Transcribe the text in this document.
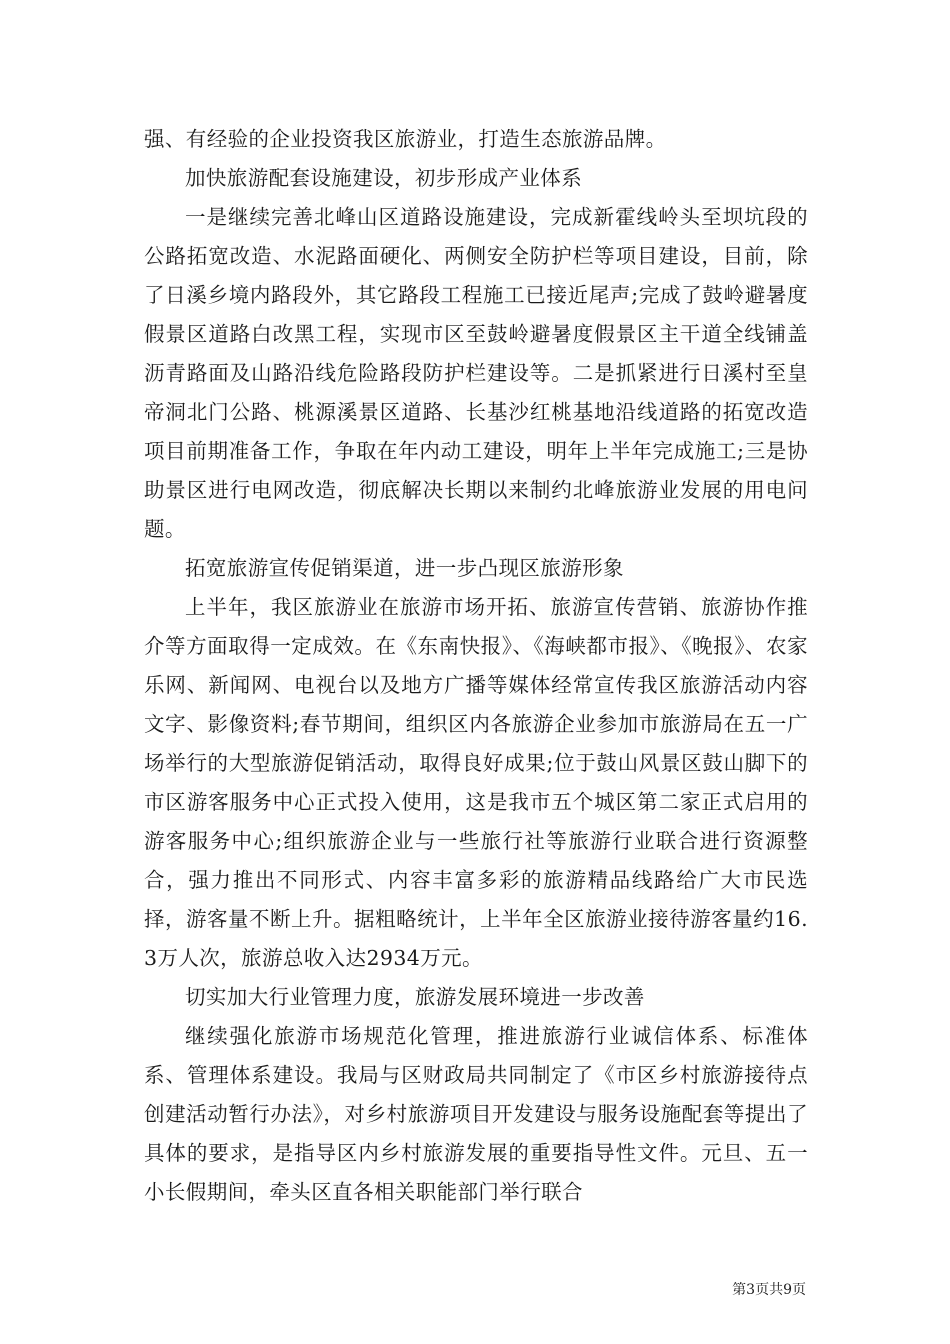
强、有经验的企业投资我区旅游业，打造生态旅游品牌。

加快旅游配套设施建设，初步形成产业体系

一是继续完善北峰山区道路设施建设，完成新霍线岭头至坝坑段的公路拓宽改造、水泥路面硬化、两侧安全防护栏等项目建设，目前，除了日溪乡境内路段外，其它路段工程施工已接近尾声;完成了鼓岭避暑度假景区道路白改黑工程，实现市区至鼓岭避暑度假景区主干道全线铺盖沥青路面及山路沿线危险路段防护栏建设等。二是抓紧进行日溪村至皇帝洞北门公路、桃源溪景区道路、长基沙红桃基地沿线道路的拓宽改造项目前期准备工作，争取在年内动工建设，明年上半年完成施工;三是协助景区进行电网改造，彻底解决长期以来制约北峰旅游业发展的用电问题。

拓宽旅游宣传促销渠道，进一步凸现区旅游形象

上半年，我区旅游业在旅游市场开拓、旅游宣传营销、旅游协作推介等方面取得一定成效。在《东南快报》、《海峡都市报》、《晚报》、农家乐网、新闻网、电视台以及地方广播等媒体经常宣传我区旅游活动内容文字、影像资料;春节期间，组织区内各旅游企业参加市旅游局在五一广场举行的大型旅游促销活动，取得良好成果;位于鼓山风景区鼓山脚下的市区游客服务中心正式投入使用，这是我市五个城区第二家正式启用的游客服务中心;组织旅游企业与一些旅行社等旅游行业联合进行资源整合，强力推出不同形式、内容丰富多彩的旅游精品线路给广大市民选择，游客量不断上升。据粗略统计，上半年全区旅游业接待游客量约16.3万人次，旅游总收入达2934万元。

切实加大行业管理力度，旅游发展环境进一步改善

继续强化旅游市场规范化管理，推进旅游行业诚信体系、标准体系、管理体系建设。我局与区财政局共同制定了《市区乡村旅游接待点创建活动暂行办法》，对乡村旅游项目开发建设与服务设施配套等提出了具体的要求，是指导区内乡村旅游发展的重要指导性文件。元旦、五一小长假期间，牵头区直各相关职能部门举行联合

第3页共9页
